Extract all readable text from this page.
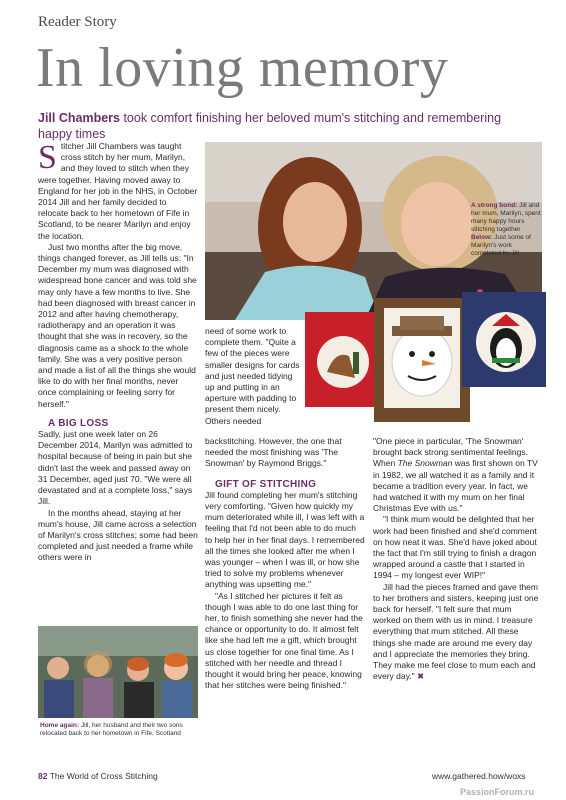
Reader Story
In loving memory
Jill Chambers took comfort finishing her beloved mum's stitching and remembering happy times
A strong bond: Jill and her mum, Marilyn, spent many happy hours stitching together
Below: Just some of Marilyn's work completed by Jill

Stitcher Jill Chambers was taught cross stitch by her mum, Marilyn, and they loved to stitch when they were together. Having moved away to England for her job in the NHS, in October 2014 Jill and her family decided to relocate back to her hometown of Fife in Scotland, to be nearer Marilyn and enjoy the location.

Just two months after the big move, things changed forever, as Jill tells us: "In December my mum was diagnosed with widespread bone cancer and was told she may only have a few months to live. She had been diagnosed with breast cancer in 2012 and after having chemotherapy, radiotherapy and an operation it was thought that she was in recovery, so the diagnosis came as a shock to the whole family. She was a very positive person and made a list of all the things she would like to do with her final months, never once complaining or feeling sorry for herself."

A BIG LOSS

Sadly, just one week later on 26 December 2014, Marilyn was admitted to hospital because of being in pain but she didn't last the week and passed away on 31 December, aged just 70. "We were all devastated and at a complete loss," says Jill.

In the months ahead, staying at her mum's house, Jill came across a selection of Marilyn's cross stitches; some had been completed and just needed a frame while others were in

Home again: Jill, her husband and their two sons relocated back to her hometown in Fife, Scotland

need of some work to complete them. "Quite a few of the pieces were smaller designs for cards and just needed tidying up and putting in an aperture with padding to present them nicely. Others needed

backstitching. However, the one that needed the most finishing was 'The Snowman' by Raymond Briggs."

GIFT OF STITCHING

Jill found completing her mum's stitching very comforting. "Given how quickly my mum deteriorated while ill, I was left with a feeling that I'd not been able to do much to help her in her final days. I remembered all the times she looked after me when I was younger – when I was ill, or how she tried to solve my problems whenever anything was upsetting me."

"As I stitched her pictures it felt as though I was able to do one last thing for her, to finish something she never had the chance or opportunity to do. It almost felt like she had left me a gift, which brought us close together for one final time. As I stitched with her needle and thread I thought it would bring her peace, knowing that her stitches were being finished."

"One piece in particular, 'The Snowman' brought back strong sentimental feelings. When The Snowman was first shown on TV in 1982, we all watched it as a family and it became a tradition every year. In fact, we had watched it with my mum on her final Christmas Eve with us."

"I think mum would be delighted that her work had been finished and she'd comment on how neat it was. She'd have joked about the fact that I'm still trying to finish a dragon wrapped around a castle that I started in 1994 – my longest ever WIP!"

Jill had the pieces framed and gave them to her brothers and sisters, keeping just one back for herself. "I felt sure that mum worked on them with us in mind. I treasure everything that mum stitched. All these things she made are around me every day and I appreciate the memories they bring. They make me feel close to mum each and every day." ✖

82 The World of Cross Stitching	www.gathered.how/woxs
PassionForum.ru
